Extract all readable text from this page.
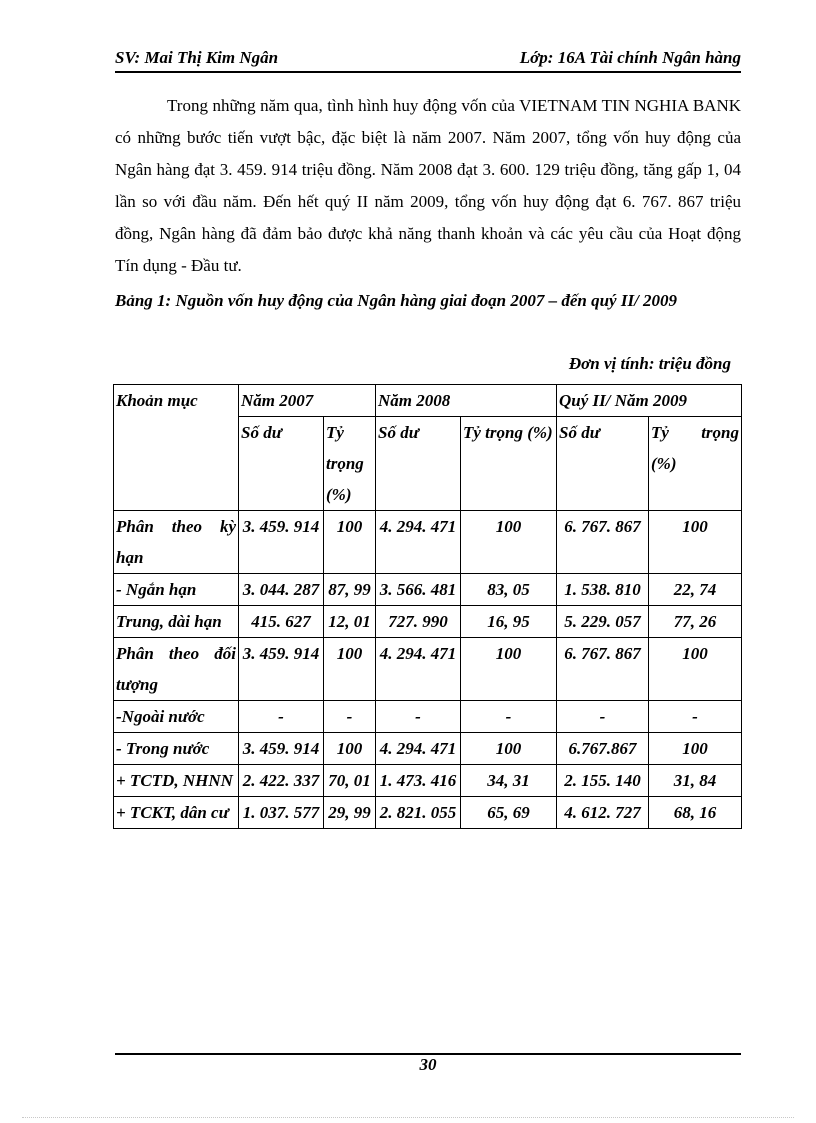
SV: Mai Thị Kim Ngân	Lớp: 16A Tài chính Ngân hàng
Trong những năm qua, tình hình huy động vốn của VIETNAM TIN NGHIA BANK có những bước tiến vượt bậc, đặc biệt là năm 2007. Năm 2007, tổng vốn huy động của Ngân hàng đạt 3. 459. 914 triệu đồng. Năm 2008 đạt 3. 600. 129 triệu đồng, tăng gấp 1, 04 lần so với đầu năm. Đến hết quý II năm 2009, tổng vốn huy động đạt 6. 767. 867 triệu đồng, Ngân hàng đã đảm bảo được khả năng thanh khoản và các yêu cầu của Hoạt động Tín dụng - Đầu tư.
Bảng 1: Nguồn vốn huy động của Ngân hàng giai đoạn 2007 – đến quý II/ 2009
Đơn vị tính: triệu đồng
Khoản mục	Năm 2007		Năm 2008		Quý II/ Năm 2009	
	Số dư	Tỷ trọng (%)	Số dư	Tỷ trọng (%)	Số dư	Tỷ trọng (%)
Phân theo kỳ hạn	3. 459. 914	100	4. 294. 471	100	6. 767. 867	100
- Ngắn hạn	3. 044. 287	87, 99	3. 566. 481	83, 05	1. 538. 810	22, 74
Trung, dài hạn	415. 627	12, 01	727. 990	16, 95	5. 229. 057	77, 26
Phân theo đối tượng	3. 459. 914	100	4. 294. 471	100	6. 767. 867	100
-Ngoài nước	-	-	-	-	-	-
- Trong nước	3. 459. 914	100	4. 294. 471	100	6.767.867	100
+ TCTD, NHNN	2. 422. 337	70, 01	1. 473. 416	34, 31	2. 155. 140	31, 84
+ TCKT, dân cư	1. 037. 577	29, 99	2. 821. 055	65, 69	4. 612. 727	68, 16
30
